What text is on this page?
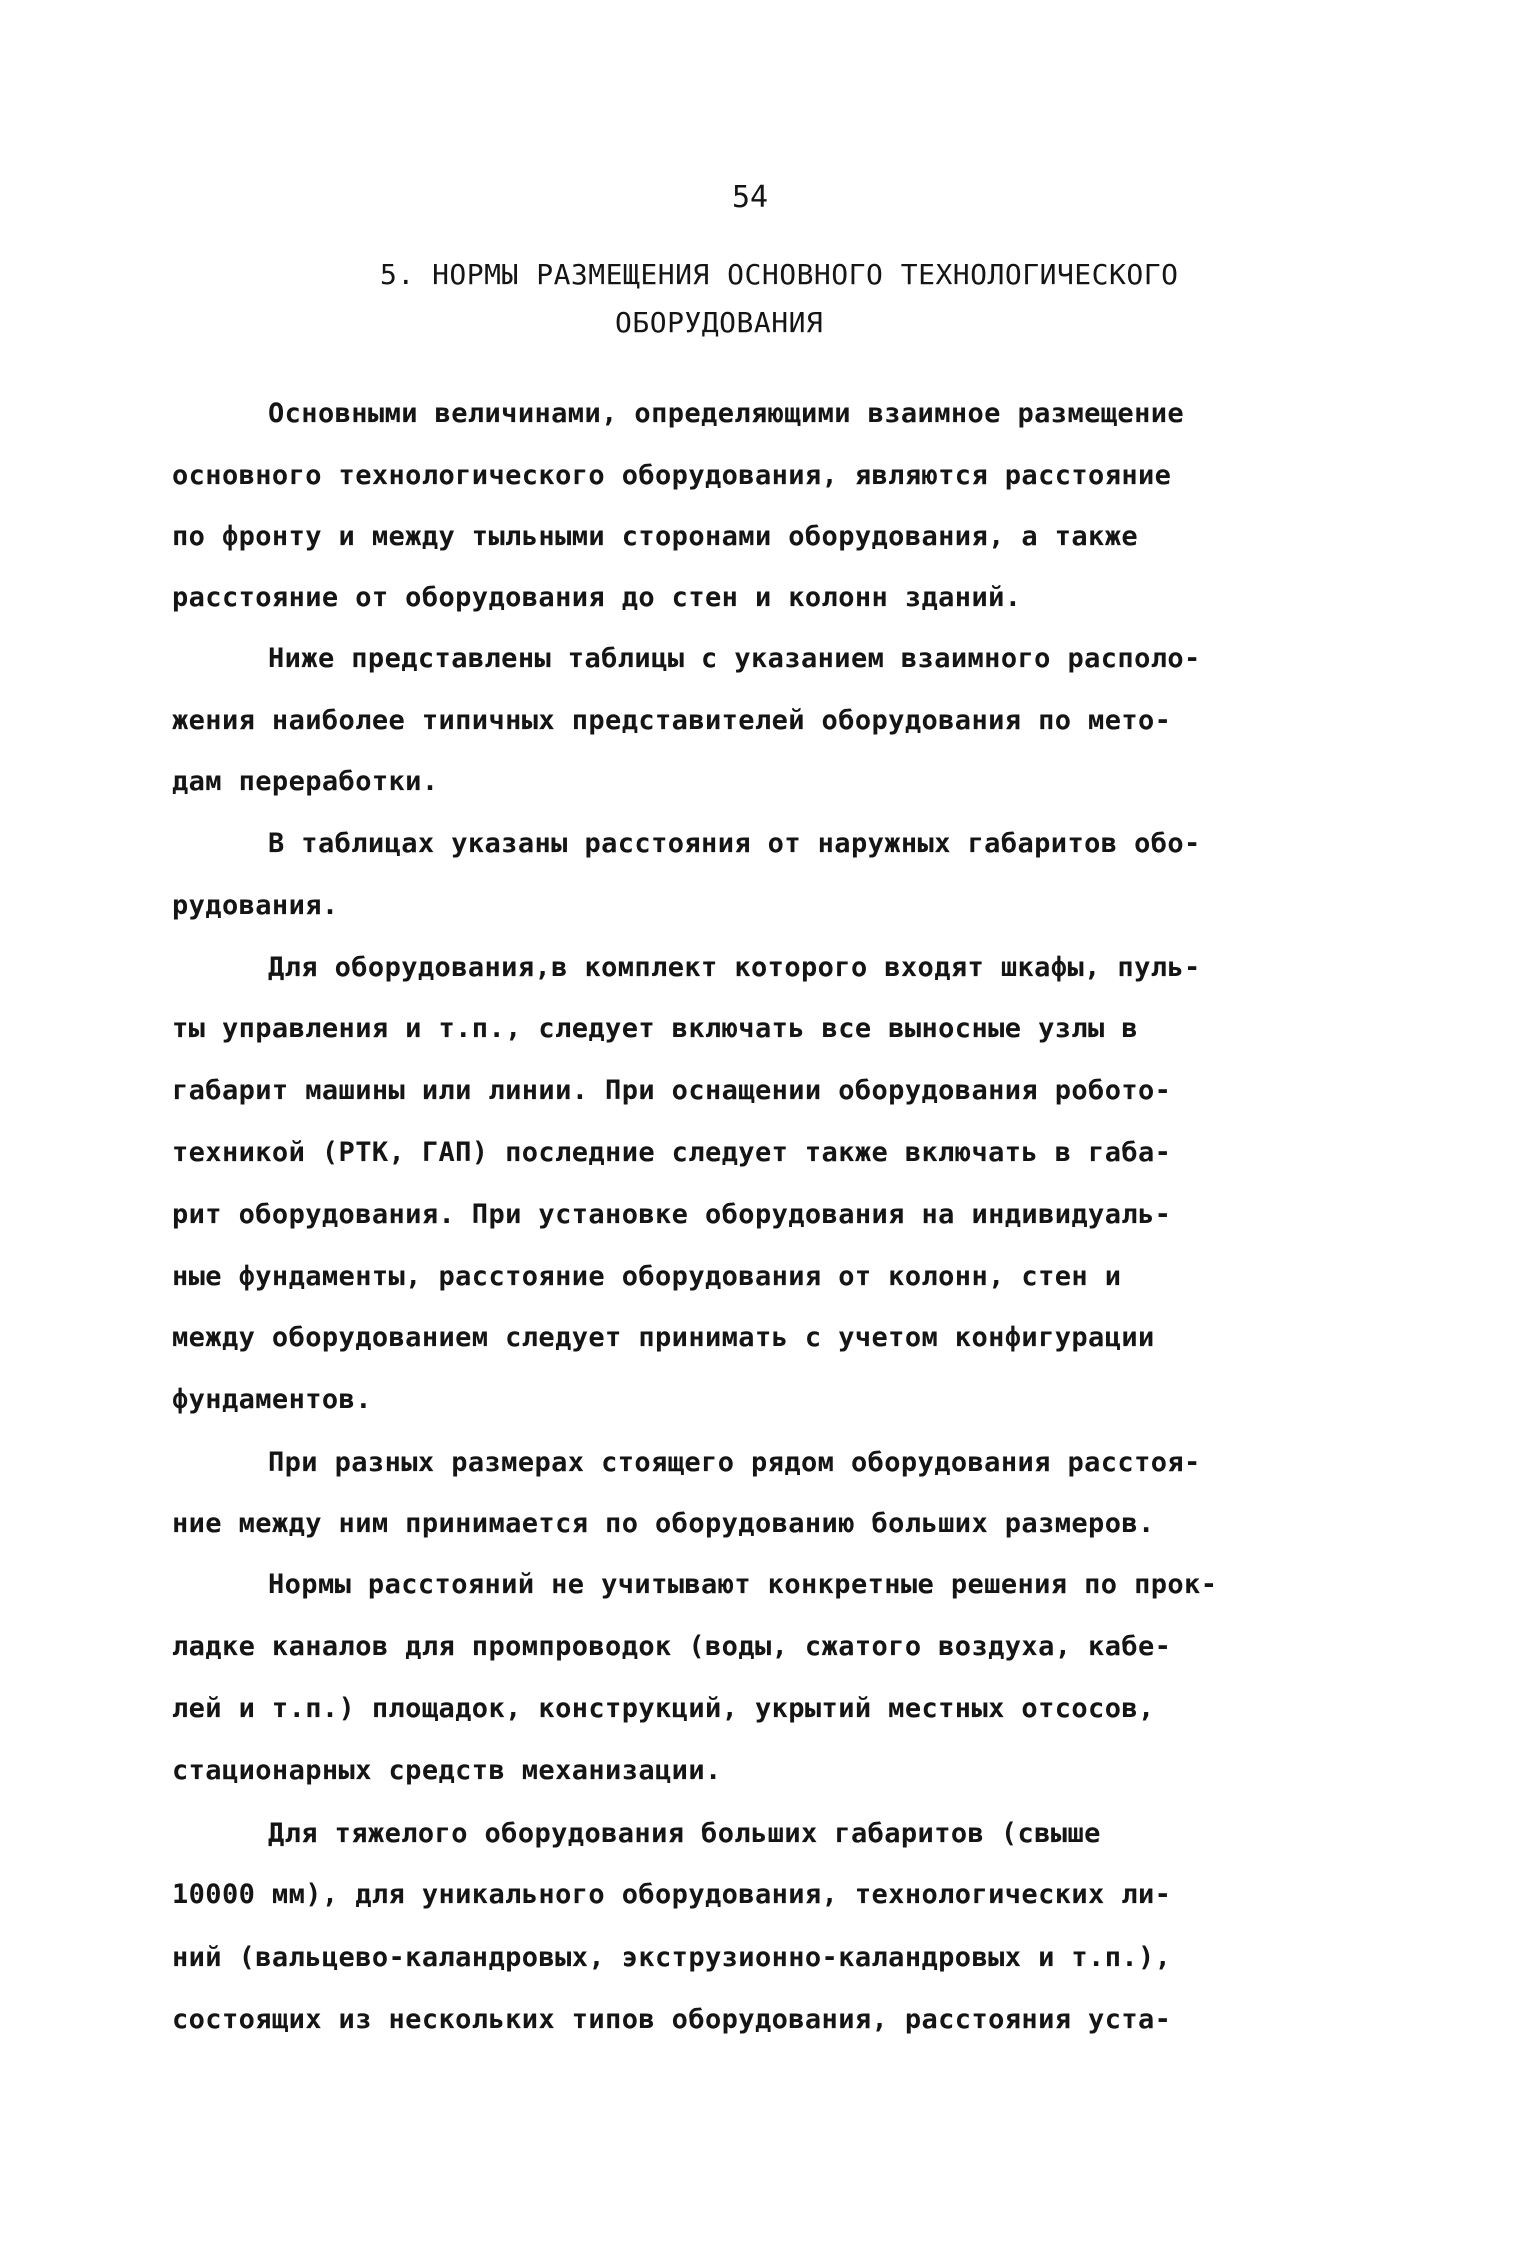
54
5. НОРМЫ РАЗМЕЩЕНИЯ ОСНОВНОГО ТЕХНОЛОГИЧЕСКОГО
ОБОРУДОВАНИЯ
Основными величинами, определяющими взаимное размещение
основного технологического оборудования, являются расстояние
по фронту и между тыльными сторонами оборудования, а также
расстояние от оборудования до стен и колонн зданий.
Ниже представлены таблицы с указанием взаимного располо-
жения наиболее типичных представителей оборудования по мето-
дам переработки.
В таблицах указаны расстояния от наружных габаритов обо-
рудования.
Для оборудования,в комплект которого входят шкафы, пуль-
ты управления и т.п., следует включать все выносные узлы в
габарит машины или линии. При оснащении оборудования робото-
техникой (РТК, ГАП) последние следует также включать в габа-
рит оборудования. При установке оборудования на индивидуаль-
ные фундаменты, расстояние оборудования от колонн, стен и
между оборудованием следует принимать с учетом конфигурации
фундаментов.
При разных размерах стоящего рядом оборудования расстоя-
ние между ним принимается по оборудованию больших размеров.
Нормы расстояний не учитывают конкретные решения по прок-
ладке каналов для промпроводок (воды, сжатого воздуха, кабе-
лей и т.п.) площадок, конструкций, укрытий местных отсосов,
стационарных средств механизации.
Для тяжелого оборудования больших габаритов (свыше
10000 мм), для уникального оборудования, технологических ли-
ний (вальцево-каландровых, экструзионно-каландровых и т.п.),
состоящих из нескольких типов оборудования, расстояния уста-
